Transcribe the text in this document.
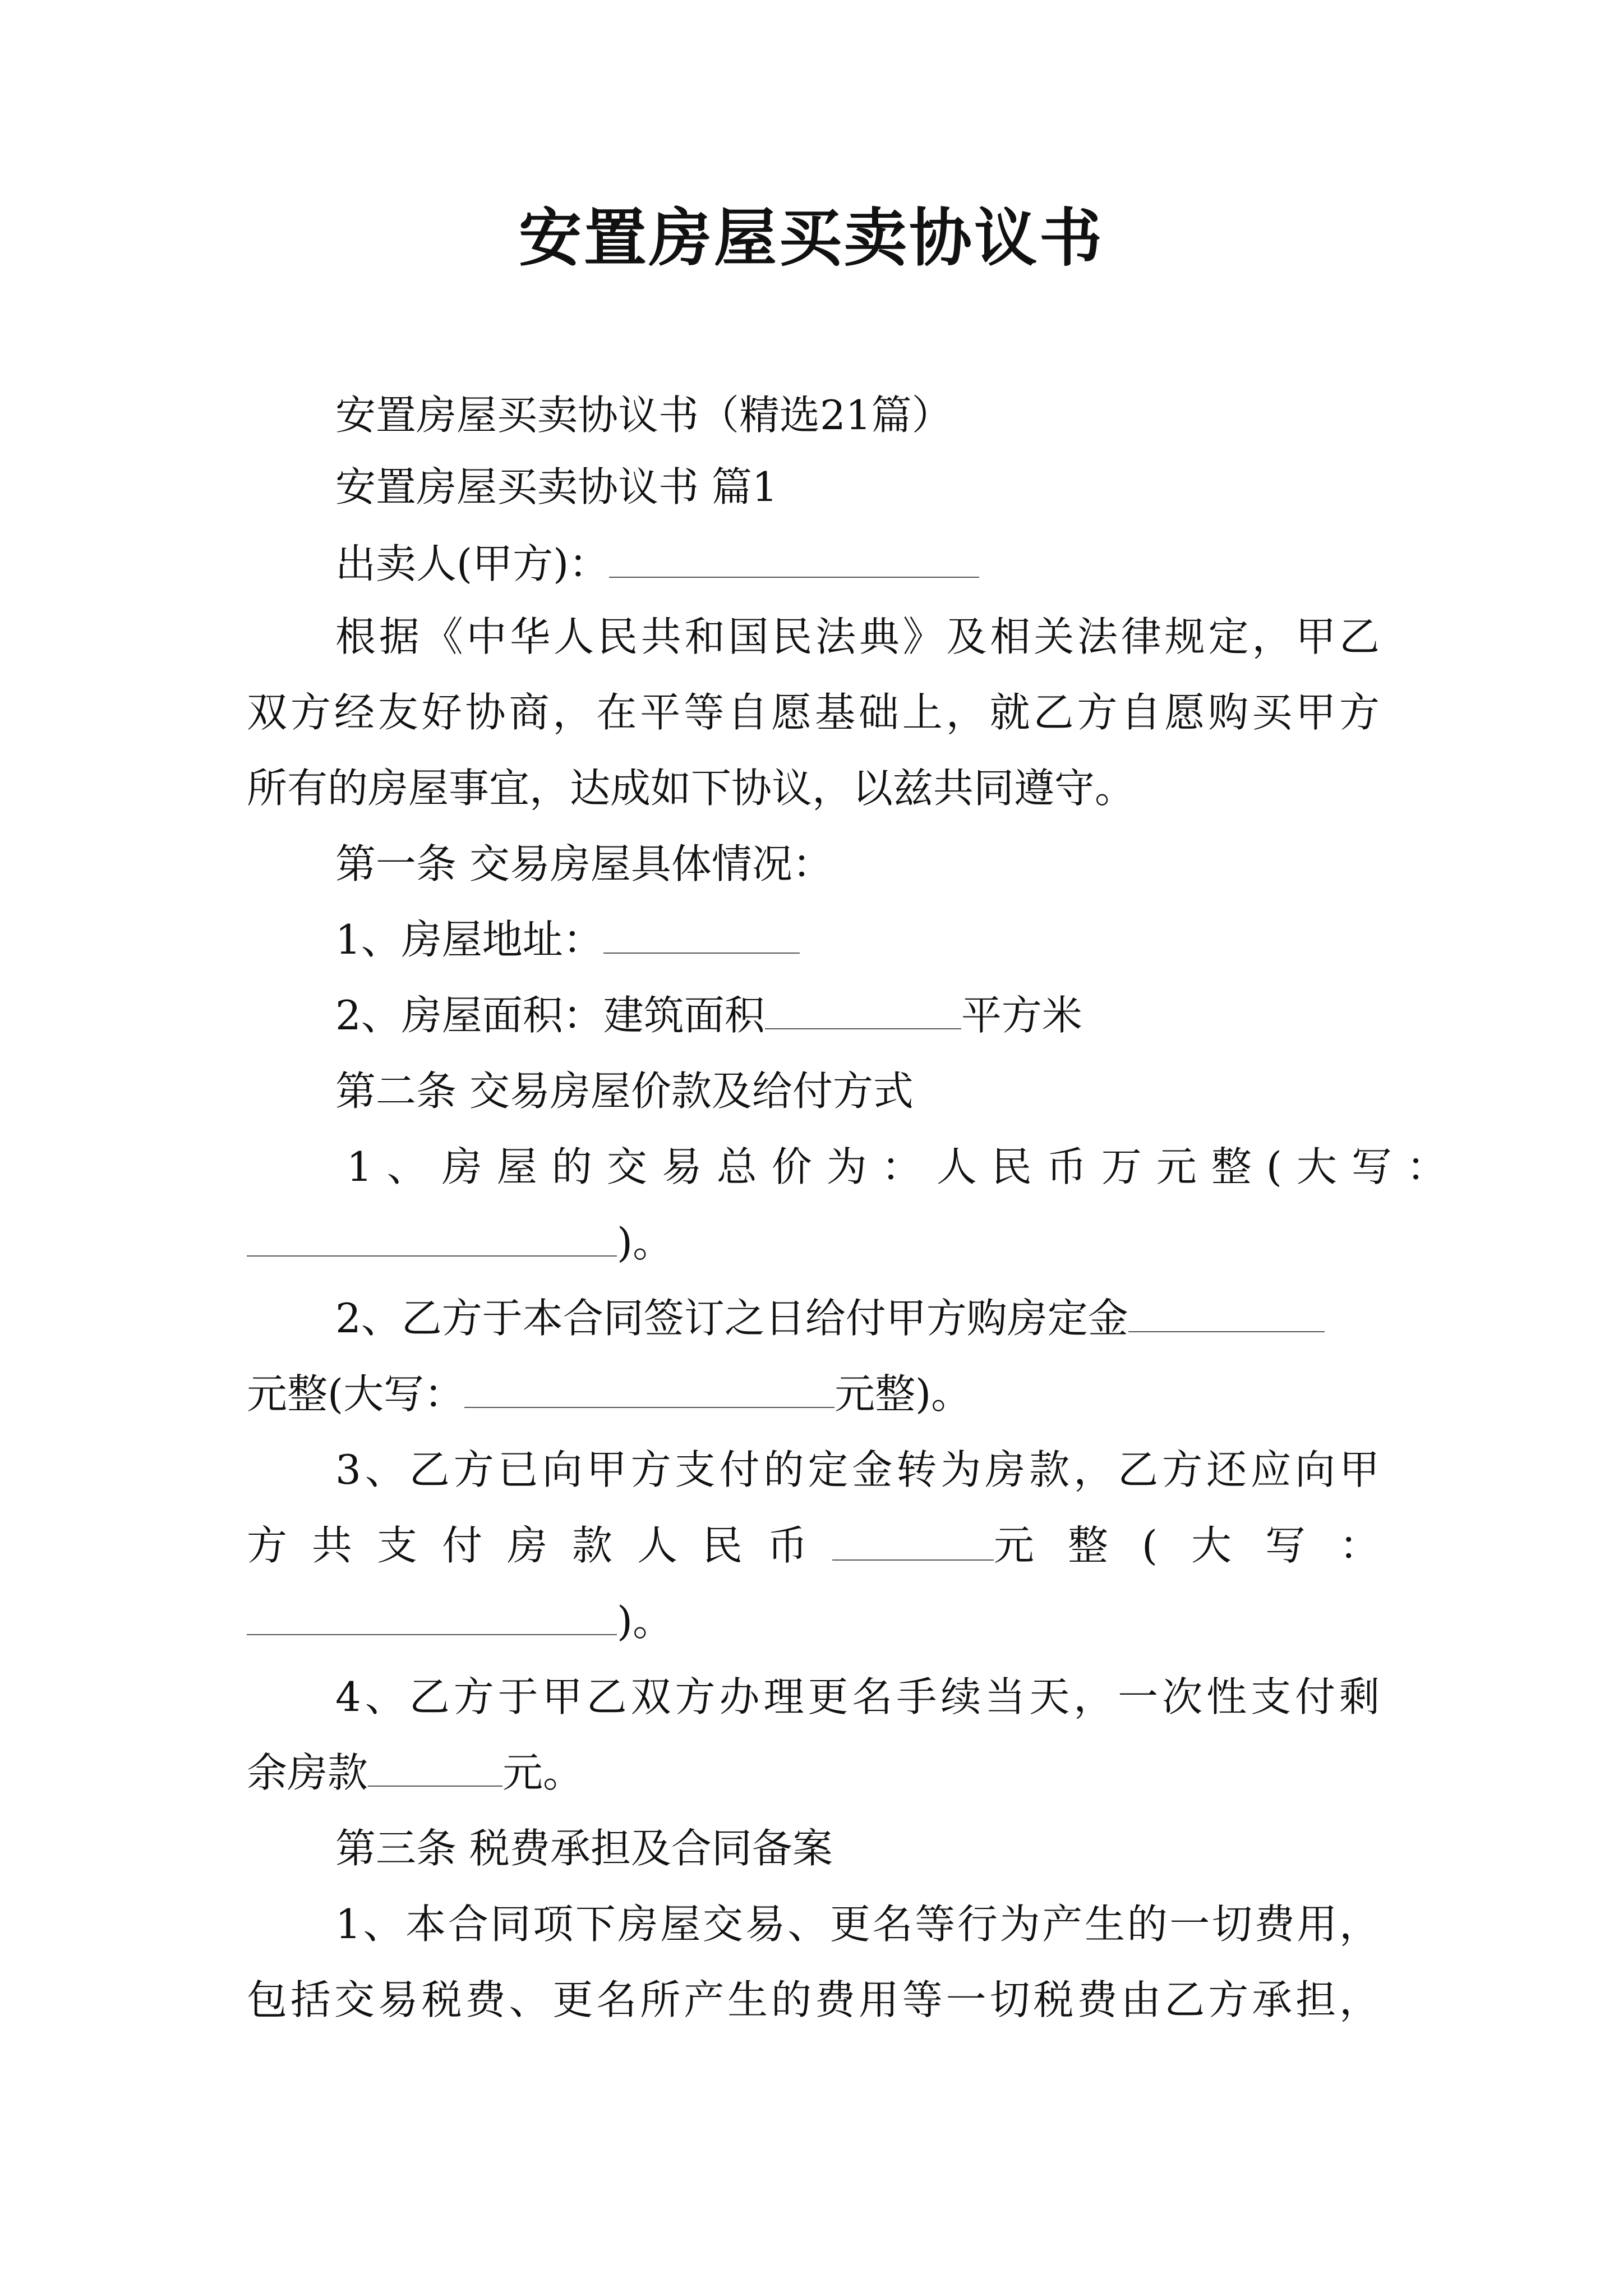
安置房屋买卖协议书
安置房屋买卖协议书（精选21篇）
安置房屋买卖协议书 篇1
出卖人(甲方)：
根据《中华人民共和国民法典》及相关法律规定，甲乙
双方经友好协商，在平等自愿基础上，就乙方自愿购买甲方
所有的房屋事宜，达成如下协议，以兹共同遵守。
第一条 交易房屋具体情况：
1、房屋地址：
2、房屋面积：建筑面积	平方米
第二条 交易房屋价款及给付方式
1、房屋的交易总价为：人民币万元整(大写：
)。
2、乙方于本合同签订之日给付甲方购房定金
元整(大写：	元整)。
3、乙方已向甲方支付的定金转为房款，乙方还应向甲
方共支付房款人民币	元整(大写：
)。
4、乙方于甲乙双方办理更名手续当天，一次性支付剩
余房款	元。
第三条 税费承担及合同备案
1、本合同项下房屋交易、更名等行为产生的一切费用，
包括交易税费、更名所产生的费用等一切税费由乙方承担，
